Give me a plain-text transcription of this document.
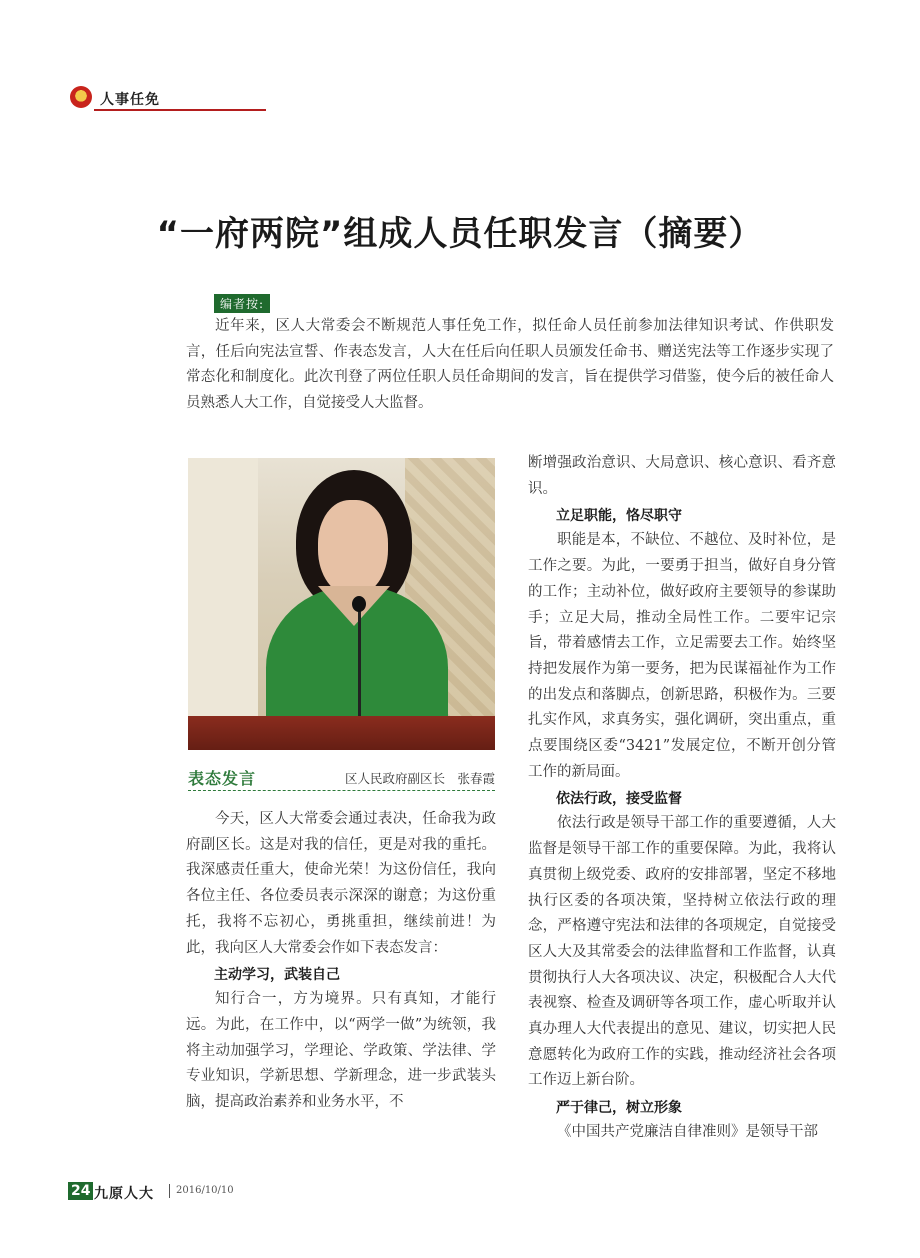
人事任免
“一府两院”组成人员任职发言（摘要）
编者按:

近年来，区人大常委会不断规范人事任免工作，拟任命人员任前参加法律知识考试、作供职发言，任后向宪法宣誓、作表态发言，人大在任后向任职人员颁发任命书、赠送宪法等工作逐步实现了常态化和制度化。此次刊登了两位任职人员任命期间的发言，旨在提供学习借鉴，使今后的被任命人员熟悉人大工作，自觉接受人大监督。

表态发言	区人民政府副区长　张春霞

今天，区人大常委会通过表决，任命我为政府副区长。这是对我的信任，更是对我的重托。我深感责任重大，使命光荣！为这份信任，我向各位主任、各位委员表示深深的谢意；为这份重托，我将不忘初心，勇挑重担，继续前进！为此，我向区人大常委会作如下表态发言：

主动学习，武装自己

知行合一，方为境界。只有真知，才能行远。为此，在工作中，以“两学一做”为统领，我将主动加强学习，学理论、学政策、学法律、学专业知识，学新思想、学新理念，进一步武装头脑，提高政治素养和业务水平，不

断增强政治意识、大局意识、核心意识、看齐意识。

立足职能，恪尽职守

职能是本，不缺位、不越位、及时补位，是工作之要。为此，一要勇于担当，做好自身分管的工作；主动补位，做好政府主要领导的参谋助手；立足大局，推动全局性工作。二要牢记宗旨，带着感情去工作，立足需要去工作。始终坚持把发展作为第一要务，把为民谋福祉作为工作的出发点和落脚点，创新思路，积极作为。三要扎实作风，求真务实，强化调研，突出重点，重点要围绕区委“3421”发展定位，不断开创分管工作的新局面。

依法行政，接受监督

依法行政是领导干部工作的重要遵循，人大监督是领导干部工作的重要保障。为此，我将认真贯彻上级党委、政府的安排部署，坚定不移地执行区委的各项决策，坚持树立依法行政的理念，严格遵守宪法和法律的各项规定，自觉接受区人大及其常委会的法律监督和工作监督，认真贯彻执行人大各项决议、决定，积极配合人大代表视察、检查及调研等各项工作，虚心听取并认真办理人大代表提出的意见、建议，切实把人民意愿转化为政府工作的实践，推动经济社会各项工作迈上新台阶。

严于律己，树立形象

《中国共产党廉洁自律准则》是领导干部

24 九原人大 2016/10/10
